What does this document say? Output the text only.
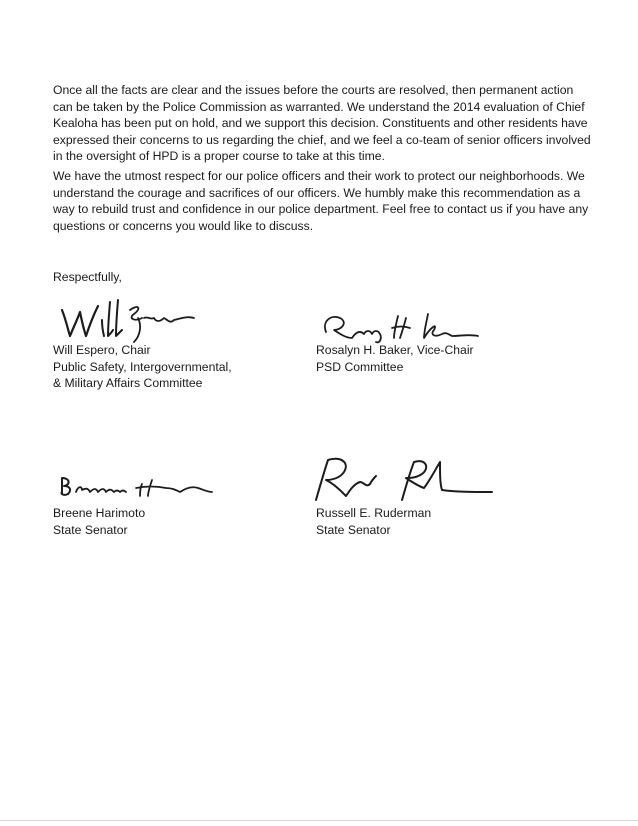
Once all the facts are clear and the issues before the courts are resolved, then permanent action can be taken by the Police Commission as warranted. We understand the 2014 evaluation of Chief Kealoha has been put on hold, and we support this decision. Constituents and other residents have expressed their concerns to us regarding the chief, and we feel a co-team of senior officers involved in the oversight of HPD is a proper course to take at this time.

We have the utmost respect for our police officers and their work to protect our neighborhoods. We understand the courage and sacrifices of our officers. We humbly make this recommendation as a way to rebuild trust and confidence in our police department. Feel free to contact us if you have any questions or concerns you would like to discuss.

Respectfully,

Will Espero, Chair
Public Safety, Intergovernmental,
& Military Affairs Committee
Rosalyn H. Baker, Vice-Chair
PSD Committee
Breene Harimoto
State Senator
Russell E. Ruderman
State Senator
